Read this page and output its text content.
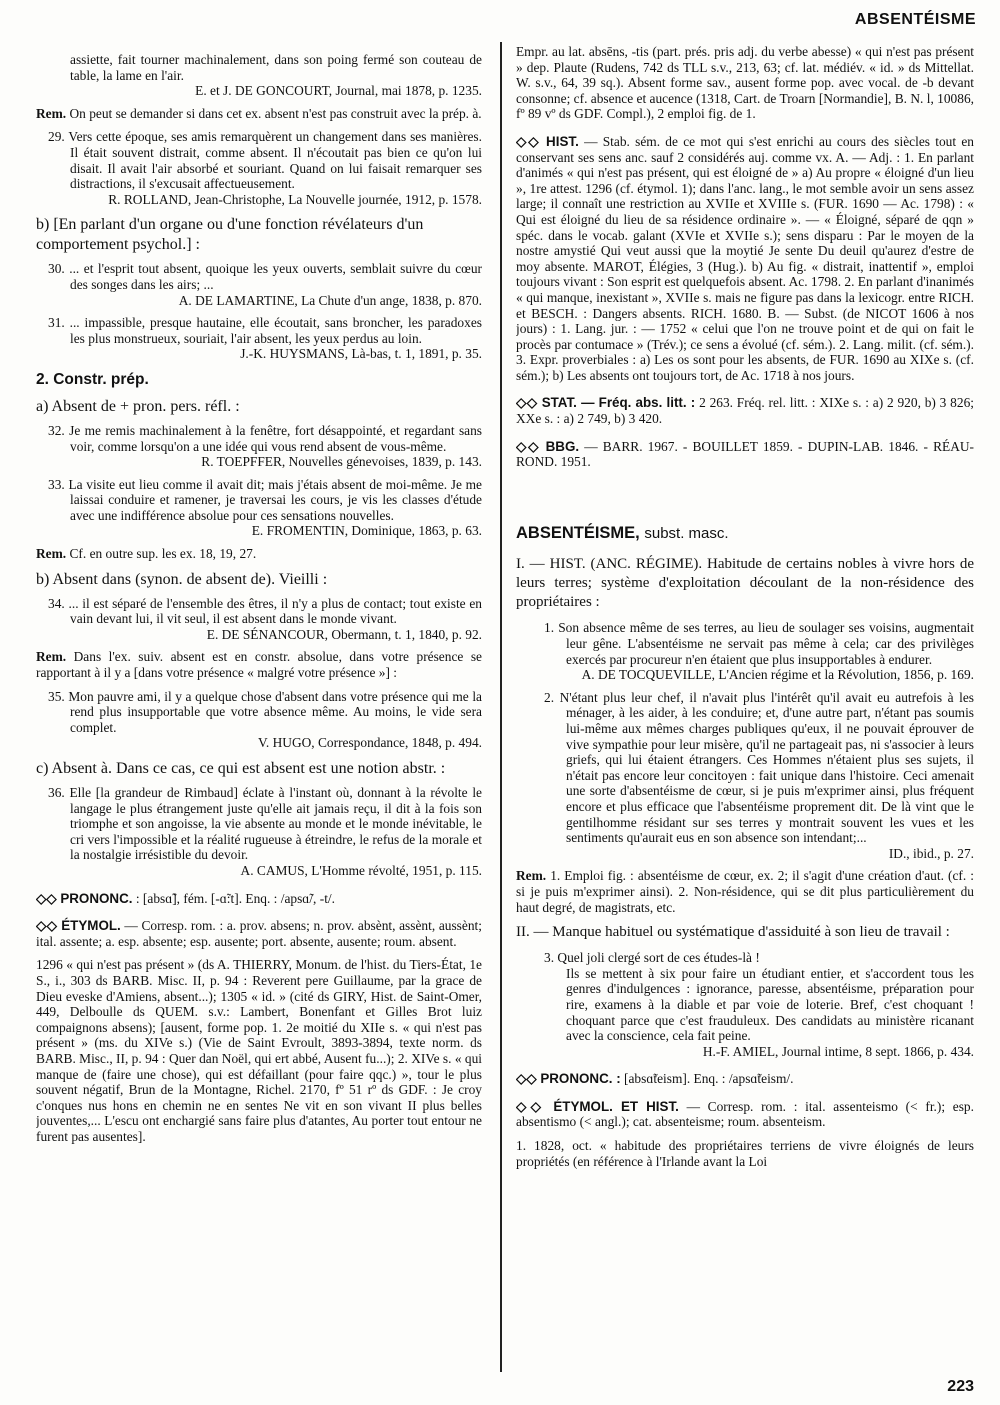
ABSENTÉISME
assiette, fait tourner machinalement, dans son poing fermé son couteau de table, la lame en l'air.
E. et J. DE GONCOURT, Journal, mai 1878, p. 1235.

Rem. On peut se demander si dans cet ex. absent n'est pas construit avec la prép. à.

29. Vers cette époque, ses amis remarquèrent un changement dans ses manières. Il était souvent distrait, comme absent. Il n'écoutait pas bien ce qu'on lui disait. Il avait l'air absorbé et souriant. Quand on lui faisait remarquer ses distractions, il s'excusait affectueusement.
R. ROLLAND, Jean-Christophe, La Nouvelle journée, 1912, p. 1578.
b) [En parlant d'un organe ou d'une fonction révélateurs d'un comportement psychol.] :
30. ... et l'esprit tout absent, quoique les yeux ouverts, semblait suivre du cœur des songes dans les airs; ...
A. DE LAMARTINE, La Chute d'un ange, 1838, p. 870.
31. ... impassible, presque hautaine, elle écoutait, sans broncher, les paradoxes les plus monstrueux, souriait, l'air absent, les yeux perdus au loin.
J.-K. HUYSMANS, Là-bas, t. 1, 1891, p. 35.
2. Constr. prép.
a) Absent de + pron. pers. réfl. :
32. Je me remis machinalement à la fenêtre, fort désappointé, et regardant sans voir, comme lorsqu'on a une idée qui vous rend absent de vous-même.
R. TOEPFFER, Nouvelles génevoises, 1839, p. 143.
33. La visite eut lieu comme il avait dit; mais j'étais absent de moi-même. Je me laissai conduire et ramener, je traversai les cours, je vis les classes d'étude avec une indifférence absolue pour ces sensations nouvelles.
E. FROMENTIN, Dominique, 1863, p. 63.

Rem. Cf. en outre sup. les ex. 18, 19, 27.

b) Absent dans (synon. de absent de). Vieilli :
34. ... il est séparé de l'ensemble des êtres, il n'y a plus de contact; tout existe en vain devant lui, il vit seul, il est absent dans le monde vivant.
E. DE SÉNANCOUR, Obermann, t. 1, 1840, p. 92.

Rem. Dans l'ex. suiv. absent est en constr. absolue, dans votre présence se rapportant à il y a [dans votre présence « malgré votre présence »] :

35. Mon pauvre ami, il y a quelque chose d'absent dans votre présence qui me la rend plus insupportable que votre absence même. Au moins, le vide sera complet.
V. HUGO, Correspondance, 1848, p. 494.
c) Absent à. Dans ce cas, ce qui est absent est une notion abstr. :
36. Elle [la grandeur de Rimbaud] éclate à l'instant où, donnant à la révolte le langage le plus étrangement juste qu'elle ait jamais reçu, il dit à la fois son triomphe et son angoisse, la vie absente au monde et le monde inévitable, le cri vers l'impossible et la réalité rugueuse à étreindre, le refus de la morale et la nostalgie irrésistible du devoir.
A. CAMUS, L'Homme révolté, 1951, p. 115.

◇◇ PRONONC. : [absɑ̃], fém. [-ɑ̃:t]. Enq. : /apsɑ̃/, -t/.

◇◇ ÉTYMOL. — Corresp. rom. : a. prov. absens; n. prov. absènt, assènt, aussènt; ital. assente; a. esp. absente; esp. ausente; port. absente, ausente; roum. absent.

1296 « qui n'est pas présent » (ds A. THIERRY, Monum. de l'hist. du Tiers-État, 1e S., i., 303 ds BARB. Misc. II, p. 94 : Reverent pere Guillaume, par la grace de Dieu eveske d'Amiens, absent...); 1305 « id. » (cité ds GIRY, Hist. de Saint-Omer, 449, Delboulle ds QUEM. s.v.: Lambert, Bonenfant et Gilles Brot luiz compaignons absens); [ausent, forme pop. 1. 2e moitié du XIIe s. « qui n'est pas présent » (ms. du XIVe s.) (Vie de Saint Evroult, 3893-3894, texte norm. ds BARB. Misc., II, p. 94 : Quer dan Noël, qui ert abbé, Ausent fu...); 2. XIVe s. « qui manque de (faire une chose), qui est défaillant (pour faire qqc.) », tour le plus souvent négatif, Brun de la Montagne, Richel. 2170, fº 51 rº ds GDF. : Je croy c'onques nus hons en chemin ne en sentes Ne vit en son vivant II plus belles jouventes,... L'escu ont enchargié sans faire plus d'atantes, Au porter tout entour ne furent pas ausentes].

Empr. au lat. absēns, -tis (part. prés. pris adj. du verbe abesse) « qui n'est pas présent » dep. Plaute (Rudens, 742 ds TLL s.v., 213, 63; cf. lat. médiév. « id. » ds Mittellat. W. s.v., 64, 39 sq.). Absent forme sav., ausent forme pop. avec vocal. de -b devant consonne; cf. absence et aucence (1318, Cart. de Troarn [Normandie], B. N. l, 10086, fº 89 vº ds GDF. Compl.), 2 emploi fig. de 1.

◇◇ HIST. — Stab. sém. de ce mot qui s'est enrichi au cours des siècles tout en conservant ses sens anc. sauf 2 considérés auj. comme vx. A. — Adj. : 1. En parlant d'animés « qui n'est pas présent, qui est éloigné de » a) Au propre « éloigné d'un lieu », 1re attest. 1296 (cf. étymol. 1); dans l'anc. lang., le mot semble avoir un sens assez large; il connaît une restriction au XVIIe et XVIIIe s. (FUR. 1690 — Ac. 1798) : « Qui est éloigné du lieu de sa résidence ordinaire ». — « Éloigné, séparé de qqn » spéc. dans le vocab. galant (XVIe et XVIIe s.); sens disparu : Par le moyen de la nostre amystié Qui veut aussi que la moytié Je sente Du deuil qu'aurez d'estre de moy absente. MAROT, Élégies, 3 (Hug.). b) Au fig. « distrait, inattentif », emploi toujours vivant : Son esprit est quelquefois absent. Ac. 1798. 2. En parlant d'inanimés « qui manque, inexistant », XVIIe s. mais ne figure pas dans la lexicogr. entre RICH. et BESCH. : Dangers absents. RICH. 1680. B. — Subst. (de NICOT 1606 à nos jours) : 1. Lang. jur. : — 1752 « celui que l'on ne trouve point et de qui on fait le procès par contumace » (Trév.); ce sens a évolué (cf. sém.). 2. Lang. milit. (cf. sém.). 3. Expr. proverbiales : a) Les os sont pour les absents, de FUR. 1690 au XIXe s. (cf. sém.); b) Les absents ont toujours tort, de Ac. 1718 à nos jours.

◇◇ STAT. — Fréq. abs. litt. : 2 263. Fréq. rel. litt. : XIXe s. : a) 2 920, b) 3 826; XXe s. : a) 2 749, b) 3 420.

◇◇ BBG. — BARR. 1967. - BOUILLET 1859. - DUPIN-LAB. 1846. - RÉAU-ROND. 1951.

ABSENTÉISME, subst. masc.

I. — HIST. (ANC. RÉGIME). Habitude de certains nobles à vivre hors de leurs terres; système d'exploitation découlant de la non-résidence des propriétaires :

1. Son absence même de ses terres, au lieu de soulager ses voisins, augmentait leur gêne. L'absentéisme ne servait pas même à cela; car des privilèges exercés par procureur n'en étaient que plus insupportables à endurer.
A. DE TOCQUEVILLE, L'Ancien régime et la Révolution, 1856, p. 169.
2. N'étant plus leur chef, il n'avait plus l'intérêt qu'il avait eu autrefois à les ménager, à les aider, à les conduire; et, d'une autre part, n'étant pas soumis lui-même aux mêmes charges publiques qu'eux, il ne pouvait éprouver de vive sympathie pour leur misère, qu'il ne partageait pas, ni s'associer à leurs griefs, qui lui étaient étrangers. Ces Hommes n'étaient plus ses sujets, il n'était pas encore leur concitoyen : fait unique dans l'histoire. Ceci amenait une sorte d'absentéisme de cœur, si je puis m'exprimer ainsi, plus fréquent encore et plus efficace que l'absentéisme proprement dit. De là vint que le gentilhomme résidant sur ses terres y montrait souvent les vues et les sentiments qu'aurait eus en son absence son intendant;...
ID., ibid., p. 27.

Rem. 1. Emploi fig. : absentéisme de cœur, ex. 2; il s'agit d'une création d'aut. (cf. : si je puis m'exprimer ainsi). 2. Non-résidence, qui se dit plus particulièrement du haut degré, de magistrats, etc.

II. — Manque habituel ou systématique d'assiduité à son lieu de travail :

3. Quel joli clergé sort de ces études-là !
Ils se mettent à six pour faire un étudiant entier, et s'accordent tous les genres d'indulgences : ignorance, paresse, absentéisme, préparation pour rire, examens à la diable et par voie de loterie. Bref, c'est choquant ! choquant parce que c'est frauduleux. Des candidats au ministère ricanant avec la conscience, cela fait peine.
H.-F. AMIEL, Journal intime, 8 sept. 1866, p. 434.

◇◇ PRONONC. : [absɑ̃teism]. Enq. : /apsɑ̃teism/.

◇◇ ÉTYMOL. ET HIST. — Corresp. rom. : ital. assenteismo (< fr.); esp. absentismo (< angl.); cat. absenteisme; roum. absenteism.

1. 1828, oct. « habitude des propriétaires terriens de vivre éloignés de leurs propriétés (en référence à l'Irlande avant la Loi

223
